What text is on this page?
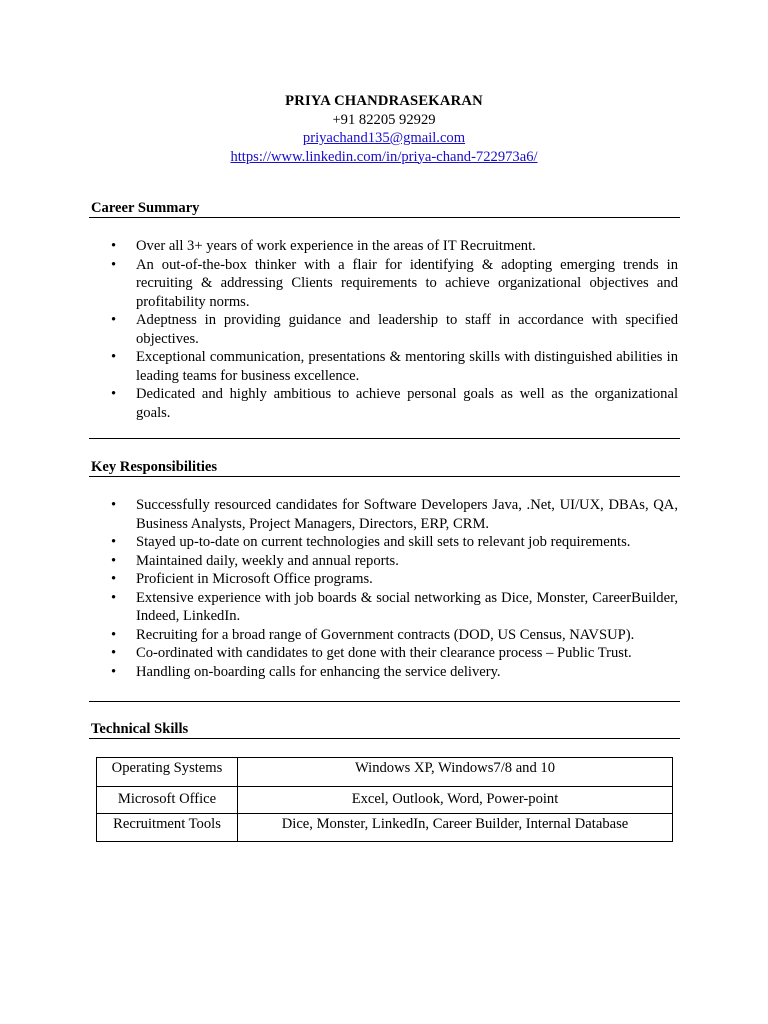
PRIYA CHANDRASEKARAN
+91 82205 92929
priyachand135@gmail.com
https://www.linkedin.com/in/priya-chand-722973a6/
Career Summary
• Over all 3+ years of work experience in the areas of IT Recruitment.
• An out-of-the-box thinker with a flair for identifying & adopting emerging trends in recruiting & addressing Clients requirements to achieve organizational objectives and profitability norms.
• Adeptness in providing guidance and leadership to staff in accordance with specified objectives.
• Exceptional communication, presentations & mentoring skills with distinguished abilities in leading teams for business excellence.
• Dedicated and highly ambitious to achieve personal goals as well as the organizational goals.
Key Responsibilities
• Successfully resourced candidates for Software Developers Java, .Net, UI/UX, DBAs, QA, Business Analysts, Project Managers, Directors, ERP, CRM.
• Stayed up-to-date on current technologies and skill sets to relevant job requirements.
• Maintained daily, weekly and annual reports.
• Proficient in Microsoft Office programs.
• Extensive experience with job boards & social networking as Dice, Monster, CareerBuilder, Indeed, LinkedIn.
• Recruiting for a broad range of Government contracts (DOD, US Census, NAVSUP).
• Co-ordinated with candidates to get done with their clearance process – Public Trust.
• Handling on-boarding calls for enhancing the service delivery.
Technical Skills
Operating Systems	Windows XP, Windows7/8 and 10
Microsoft Office	Excel, Outlook, Word, Power-point
Recruitment Tools	Dice, Monster, LinkedIn, Career Builder, Internal Database
